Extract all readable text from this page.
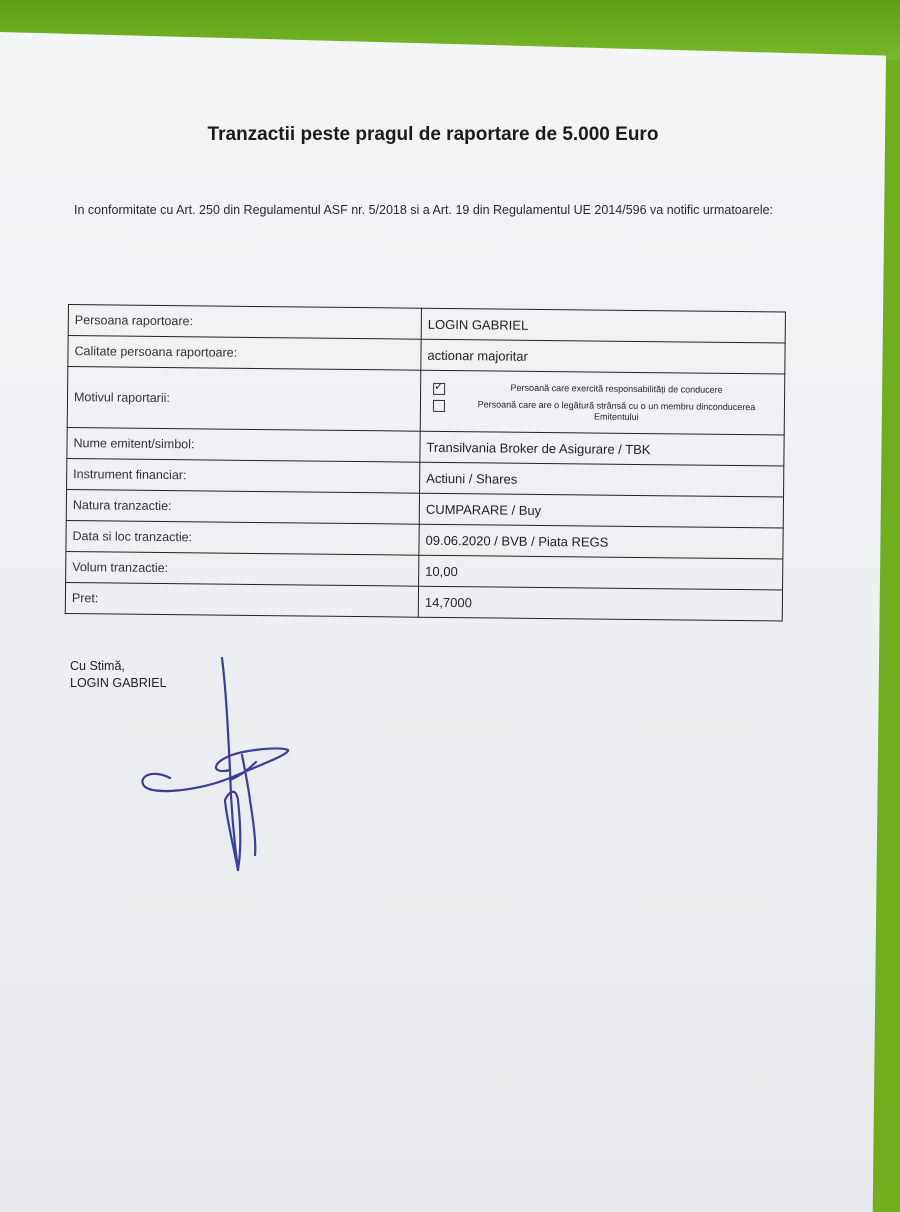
Tranzactii peste pragul de raportare de 5.000 Euro

In conformitate cu Art. 250 din Regulamentul ASF nr. 5/2018 si a Art. 19 din Regulamentul UE 2014/596 va notific urmatoarele:

Persoana raportoare:	LOGIN GABRIEL
Calitate persoana raportoare:	actionar majoritar
Motivul raportarii:	✓ Persoană care exercită responsabilități de conducere
Persoană care are o legătură strânsă cu o un membru dinconducerea Emitentului

Nume emitent/simbol:	Transilvania Broker de Asigurare / TBK
Instrument financiar:	Actiuni / Shares
Natura tranzactie:	CUMPARARE / Buy
Data si loc tranzactie:	09.06.2020 / BVB / Piata REGS
Volum tranzactie:	10,00
Pret:	14,7000
Cu Stimă,
LOGIN GABRIEL
